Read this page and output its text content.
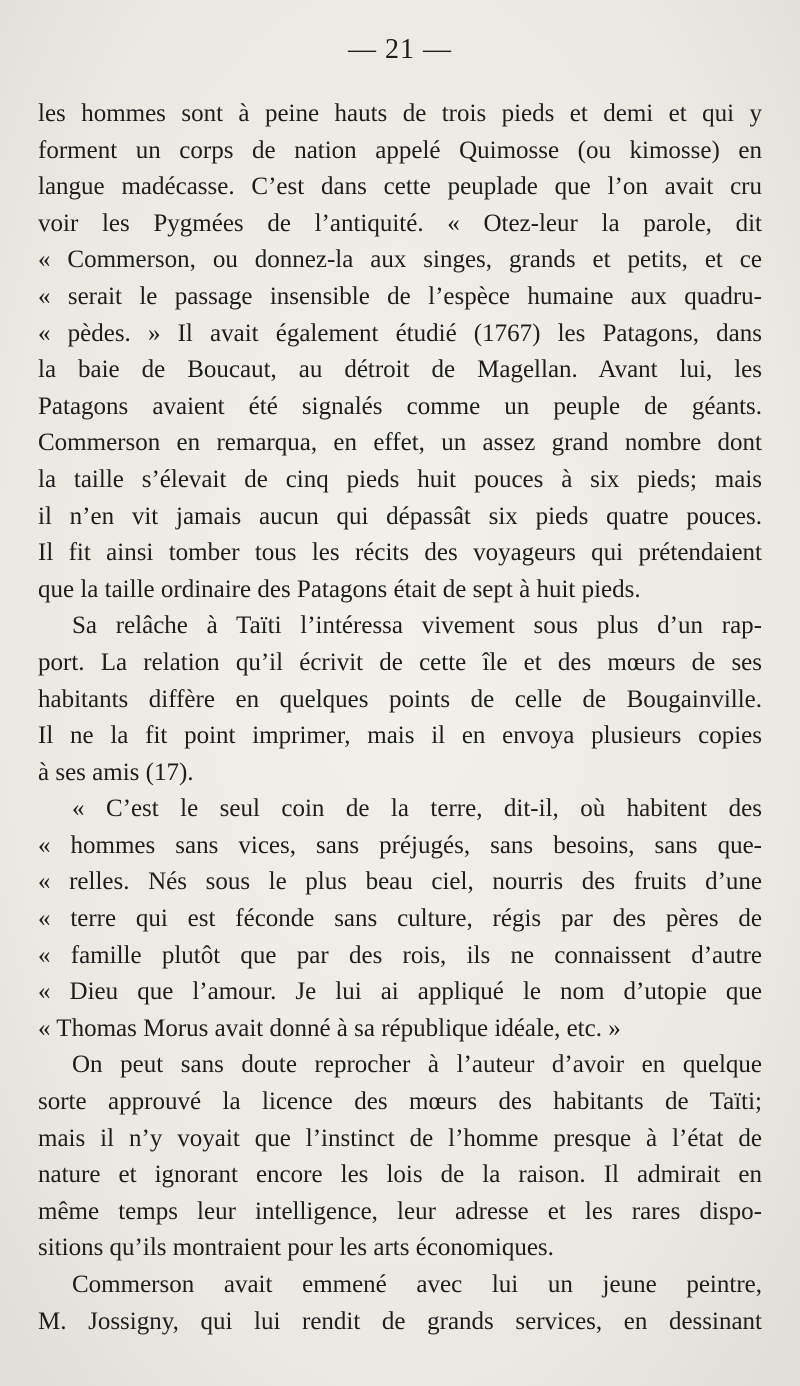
— 21 —
les hommes sont à peine hauts de trois pieds et demi et qui y
forment un corps de nation appelé Quimosse (ou kimosse) en
langue madécasse. C’est dans cette peuplade que l’on avait cru
voir les Pygmées de l’antiquité. « Otez-leur la parole, dit
« Commerson, ou donnez-la aux singes, grands et petits, et ce
« serait le passage insensible de l’espèce humaine aux quadru-
« pèdes. » Il avait également étudié (1767) les Patagons, dans
la baie de Boucaut, au détroit de Magellan. Avant lui, les
Patagons avaient été signalés comme un peuple de géants.
Commerson en remarqua, en effet, un assez grand nombre dont
la taille s’élevait de cinq pieds huit pouces à six pieds; mais
il n’en vit jamais aucun qui dépassât six pieds quatre pouces.
Il fit ainsi tomber tous les récits des voyageurs qui prétendaient
que la taille ordinaire des Patagons était de sept à huit pieds.
Sa relâche à Taïti l’intéressa vivement sous plus d’un rap-
port. La relation qu’il écrivit de cette île et des mœurs de ses
habitants diffère en quelques points de celle de Bougainville.
Il ne la fit point imprimer, mais il en envoya plusieurs copies
à ses amis (17).
« C’est le seul coin de la terre, dit-il, où habitent des
« hommes sans vices, sans préjugés, sans besoins, sans que-
« relles. Nés sous le plus beau ciel, nourris des fruits d’une
« terre qui est féconde sans culture, régis par des pères de
« famille plutôt que par des rois, ils ne connaissent d’autre
« Dieu que l’amour. Je lui ai appliqué le nom d’utopie que
« Thomas Morus avait donné à sa république idéale, etc. »
On peut sans doute reprocher à l’auteur d’avoir en quelque
sorte approuvé la licence des mœurs des habitants de Taïti;
mais il n’y voyait que l’instinct de l’homme presque à l’état de
nature et ignorant encore les lois de la raison. Il admirait en
même temps leur intelligence, leur adresse et les rares dispo-
sitions qu’ils montraient pour les arts économiques.
Commerson avait emmené avec lui un jeune peintre,
M. Jossigny, qui lui rendit de grands services, en dessinant
